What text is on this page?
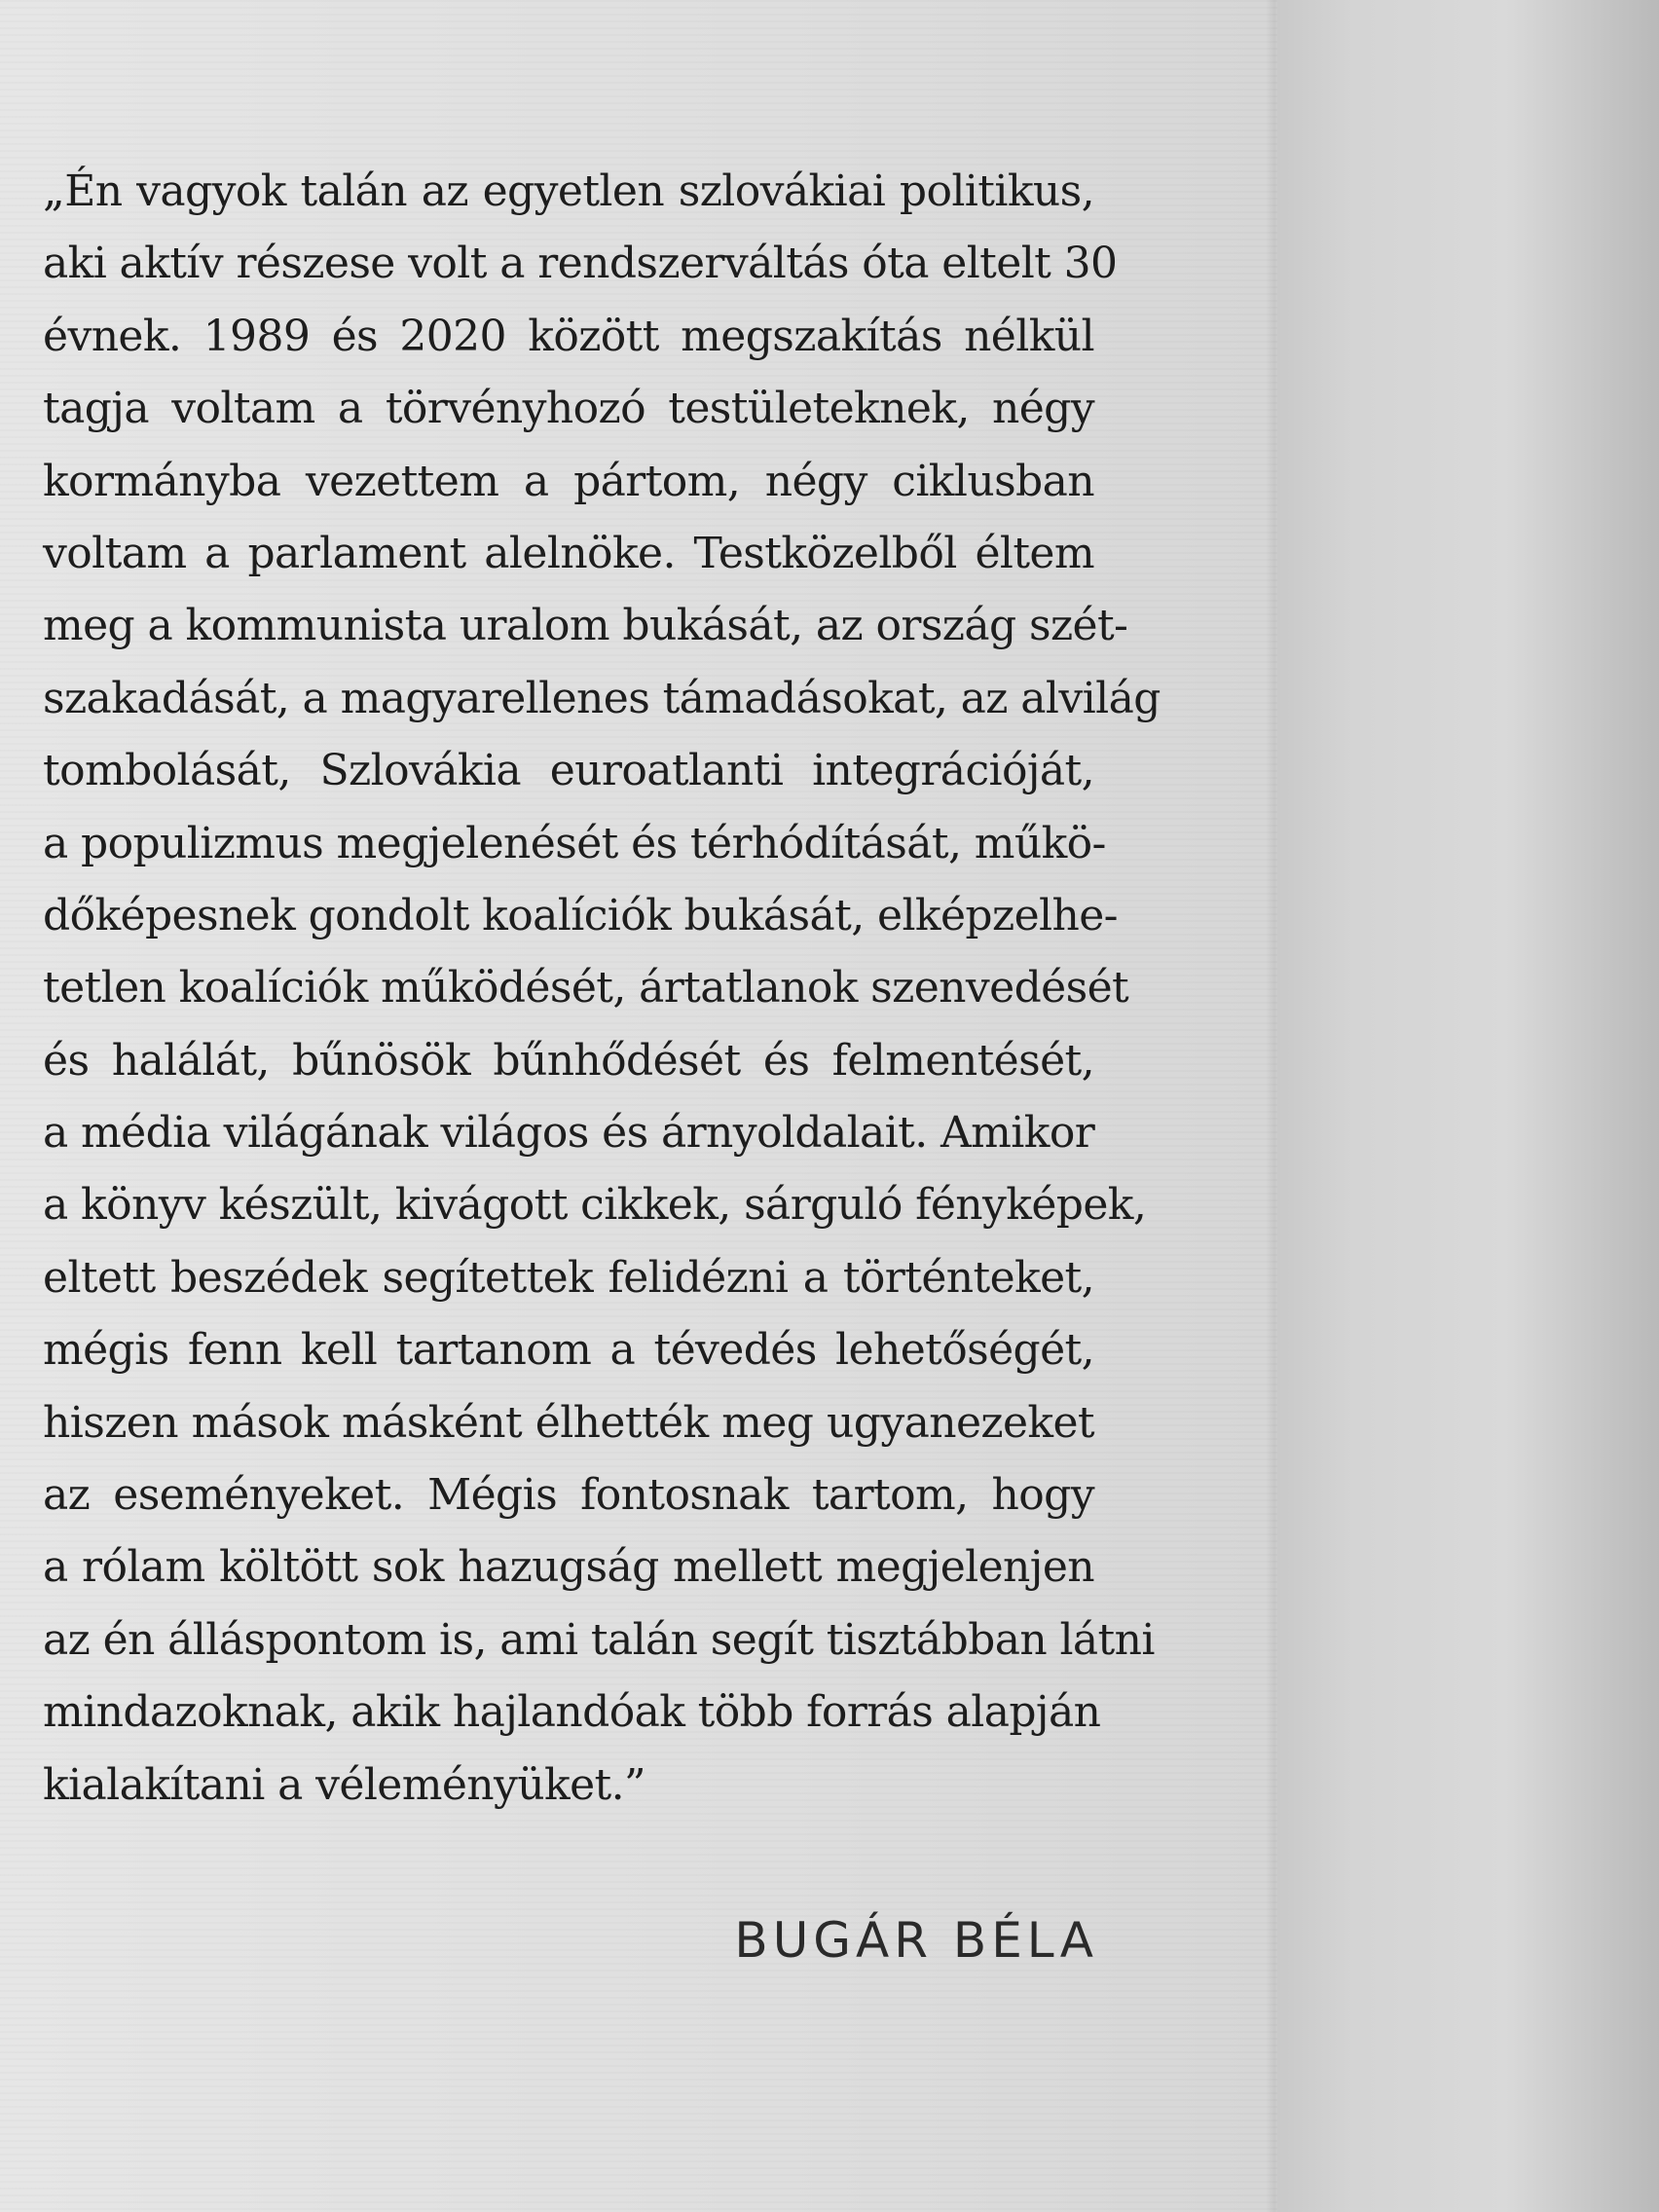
„Én vagyok talán az egyetlen szlovákiai politikus,
aki aktív részese volt a rendszerváltás óta eltelt 30
évnek. 1989 és 2020 között megszakítás nélkül
tagja voltam a törvényhozó testületeknek, négy
kormányba vezettem a pártom, négy ciklusban
voltam a parlament alelnöke. Testközelből éltem
meg a kommunista uralom bukását, az ország szét-
szakadását, a magyarellenes támadásokat, az alvilág
tombolását, Szlovákia euroatlanti integrációját,
a populizmus megjelenését és térhódítását, műkö-
dőképesnek gondolt koalíciók bukását, elképzelhe-
tetlen koalíciók működését, ártatlanok szenvedését
és halálát, bűnösök bűnhődését és felmentését,
a média világának világos és árnyoldalait. Amikor
a könyv készült, kivágott cikkek, sárguló fényképek,
eltett beszédek segítettek felidézni a történteket,
mégis fenn kell tartanom a tévedés lehetőségét,
hiszen mások másként élhették meg ugyanezeket
az eseményeket. Mégis fontosnak tartom, hogy
a rólam költött sok hazugság mellett megjelenjen
az én álláspontom is, ami talán segít tisztábban látni
mindazoknak, akik hajlandóak több forrás alapján
kialakítani a véleményüket.”
BUGÁR BÉLA
